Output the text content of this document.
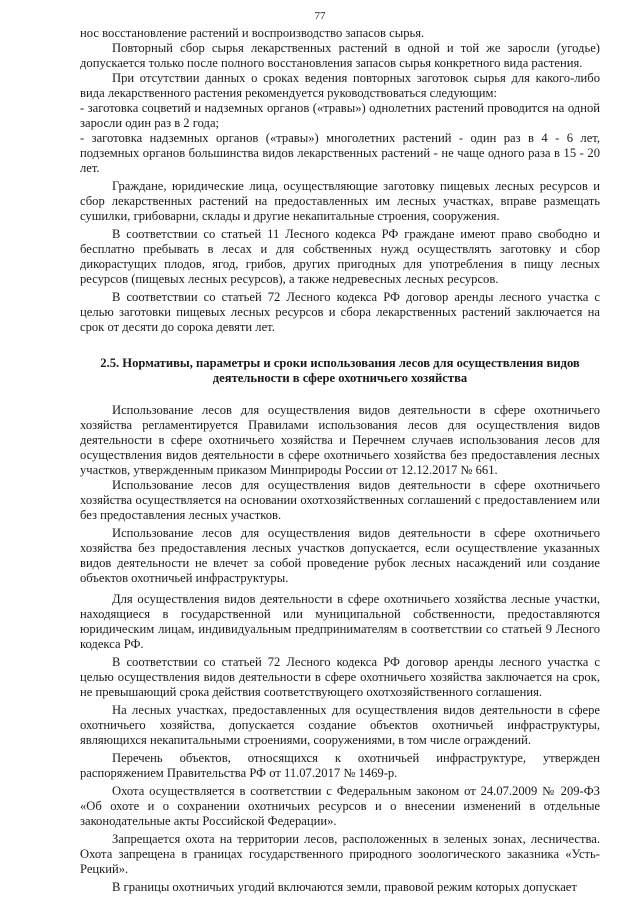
77

нос восстановление растений и воспроизводство запасов сырья.

Повторный сбор сырья лекарственных растений в одной и той же заросли (угодье) допускается только после полного восстановления запасов сырья конкретного вида растения.

При отсутствии данных о сроках ведения повторных заготовок сырья для какого-либо вида лекарственного растения рекомендуется руководствоваться следующим:

- заготовка соцветий и надземных органов («травы») однолетних растений проводится на одной заросли один раз в 2 года;

- заготовка надземных органов («травы») многолетних растений - один раз в 4 - 6 лет, подземных органов большинства видов лекарственных растений - не чаще одного раза в 15 - 20 лет.

Граждане, юридические лица, осуществляющие заготовку пищевых лесных ресурсов и сбор лекарственных растений на предоставленных им лесных участках, вправе размещать сушилки, грибоварни, склады и другие некапитальные строения, сооружения.

В соответствии со статьей 11 Лесного кодекса РФ граждане имеют право свободно и бесплатно пребывать в лесах и для собственных нужд осуществлять заготовку и сбор дикорастущих плодов, ягод, грибов, других пригодных для употребления в пищу лесных ресурсов (пищевых лесных ресурсов), а также недревесных лесных ресурсов.

В соответствии со статьей 72 Лесного кодекса РФ договор аренды лесного участка с целью заготовки пищевых лесных ресурсов и сбора лекарственных растений заключается на срок от десяти до сорока девяти лет.

2.5. Нормативы, параметры и сроки использования лесов для осуществления видов деятельности в сфере охотничьего хозяйства

Использование лесов для осуществления видов деятельности в сфере охотничьего хозяйства регламентируется Правилами использования лесов для осуществления видов деятельности в сфере охотничьего хозяйства и Перечнем случаев использования лесов для осуществления видов деятельности в сфере охотничьего хозяйства без предоставления лесных участков, утвержденным приказом Минприроды России от 12.12.2017 № 661.

Использование лесов для осуществления видов деятельности в сфере охотничьего хозяйства осуществляется на основании охотхозяйственных соглашений с предоставлением или без предоставления лесных участков.

Использование лесов для осуществления видов деятельности в сфере охотничьего хозяйства без предоставления лесных участков допускается, если осуществление указанных видов деятельности не влечет за собой проведение рубок лесных насаждений или создание объектов охотничьей инфраструктуры.

Для осуществления видов деятельности в сфере охотничьего хозяйства лесные участки, находящиеся в государственной или муниципальной собственности, предоставляются юридическим лицам, индивидуальным предпринимателям в соответствии со статьей 9 Лесного кодекса РФ.

В соответствии со статьей 72 Лесного кодекса РФ договор аренды лесного участка с целью осуществления видов деятельности в сфере охотничьего хозяйства заключается на срок, не превышающий срока действия соответствующего охотхозяйственного соглашения.

На лесных участках, предоставленных для осуществления видов деятельности в сфере охотничьего хозяйства, допускается создание объектов охотничьей инфраструктуры, являющихся некапитальными строениями, сооружениями, в том числе ограждений.

Перечень объектов, относящихся к охотничьей инфраструктуре, утвержден распоряжением Правительства РФ от 11.07.2017 № 1469-р.

Охота осуществляется в соответствии с Федеральным законом от 24.07.2009 № 209-ФЗ «Об охоте и о сохранении охотничьих ресурсов и о внесении изменений в отдельные законодательные акты Российской Федерации».

Запрещается охота на территории лесов, расположенных в зеленых зонах, лесничества. Охота запрещена в границах государственного природного зоологического заказника «Усть-Рецкий».

В границы охотничьих угодий включаются земли, правовой режим которых допускает
